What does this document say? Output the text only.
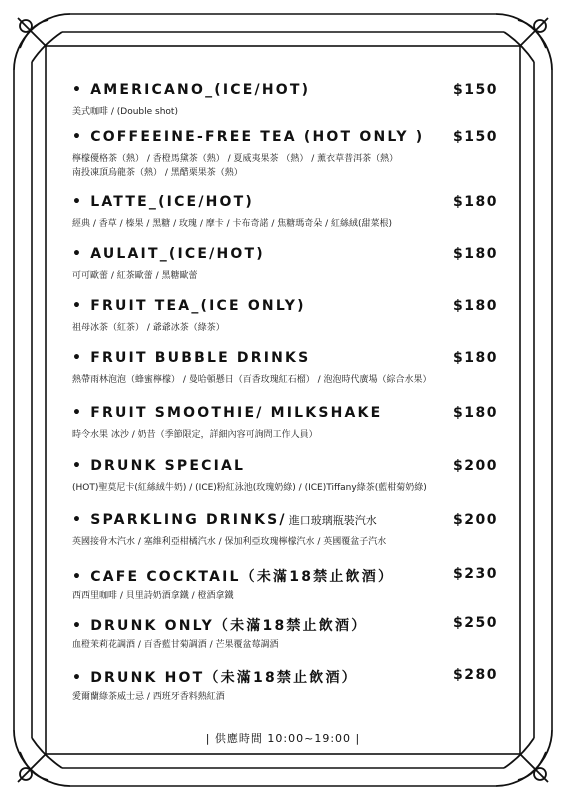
• AMERICANO_(ICE/HOT)	$150
美式咖啡 / (Double shot)
• COFFEEINE-FREE TEA (HOT ONLY ) $150
檸檬優格茶（熱） / 香橙馬黛茶（熱） / 夏威夷果茶 （熱） / 薰衣草普洱茶（熱）
南投凍頂烏龍茶（熱） / 黑醋栗果茶（熱）
• LATTE_(ICE/HOT)	$180
經典 / 香草 / 榛果 / 黑糖 / 玫瑰 / 摩卡 / 卡布奇諾 / 焦糖瑪奇朵 / 紅絲絨(甜菜根)
• AULAIT_(ICE/HOT)	$180
可可歐蕾 / 紅茶歐蕾 / 黑糖歐蕾
• FRUIT TEA_(ICE ONLY)	$180
祖母冰茶（紅茶） / 爺爺冰茶（綠茶）
• FRUIT BUBBLE DRINKS	$180
熱帶雨林泡泡（蜂蜜檸檬） / 曼哈頓懸日（百香玫瑰紅石榴） / 泡泡時代廣場（綜合水果）
• FRUIT SMOOTHIE/ MILKSHAKE	$180
時令水果 冰沙 / 奶昔（季節限定，詳細內容可詢問工作人員）
• DRUNK SPECIAL	$200
(HOT)聖莫尼卡(紅絲絨牛奶) / (ICE)粉紅泳池(玫瑰奶綠) / (ICE)Tiffany綠茶(藍柑菊奶綠)
• SPARKLING DRINKS/ 進口玻璃瓶裝汽水	$200
英國接骨木汽水 / 塞維利亞柑橘汽水 / 保加利亞玫瑰檸檬汽水 / 英國覆盆子汽水
• CAFE COCKTAIL（未滿18禁止飲酒）	$230
西西里咖啡 / 貝里詩奶酒拿鐵 / 橙酒拿鐵
• DRUNK ONLY（未滿18禁止飲酒）	$250
血橙茉莉花調酒 / 百香藍甘菊調酒 / 芒果覆盆莓調酒
• DRUNK HOT（未滿18禁止飲酒）	$280
愛爾蘭綠茶威士忌 / 西班牙香料熱紅酒
| 供應時間 10:00~19:00 |
